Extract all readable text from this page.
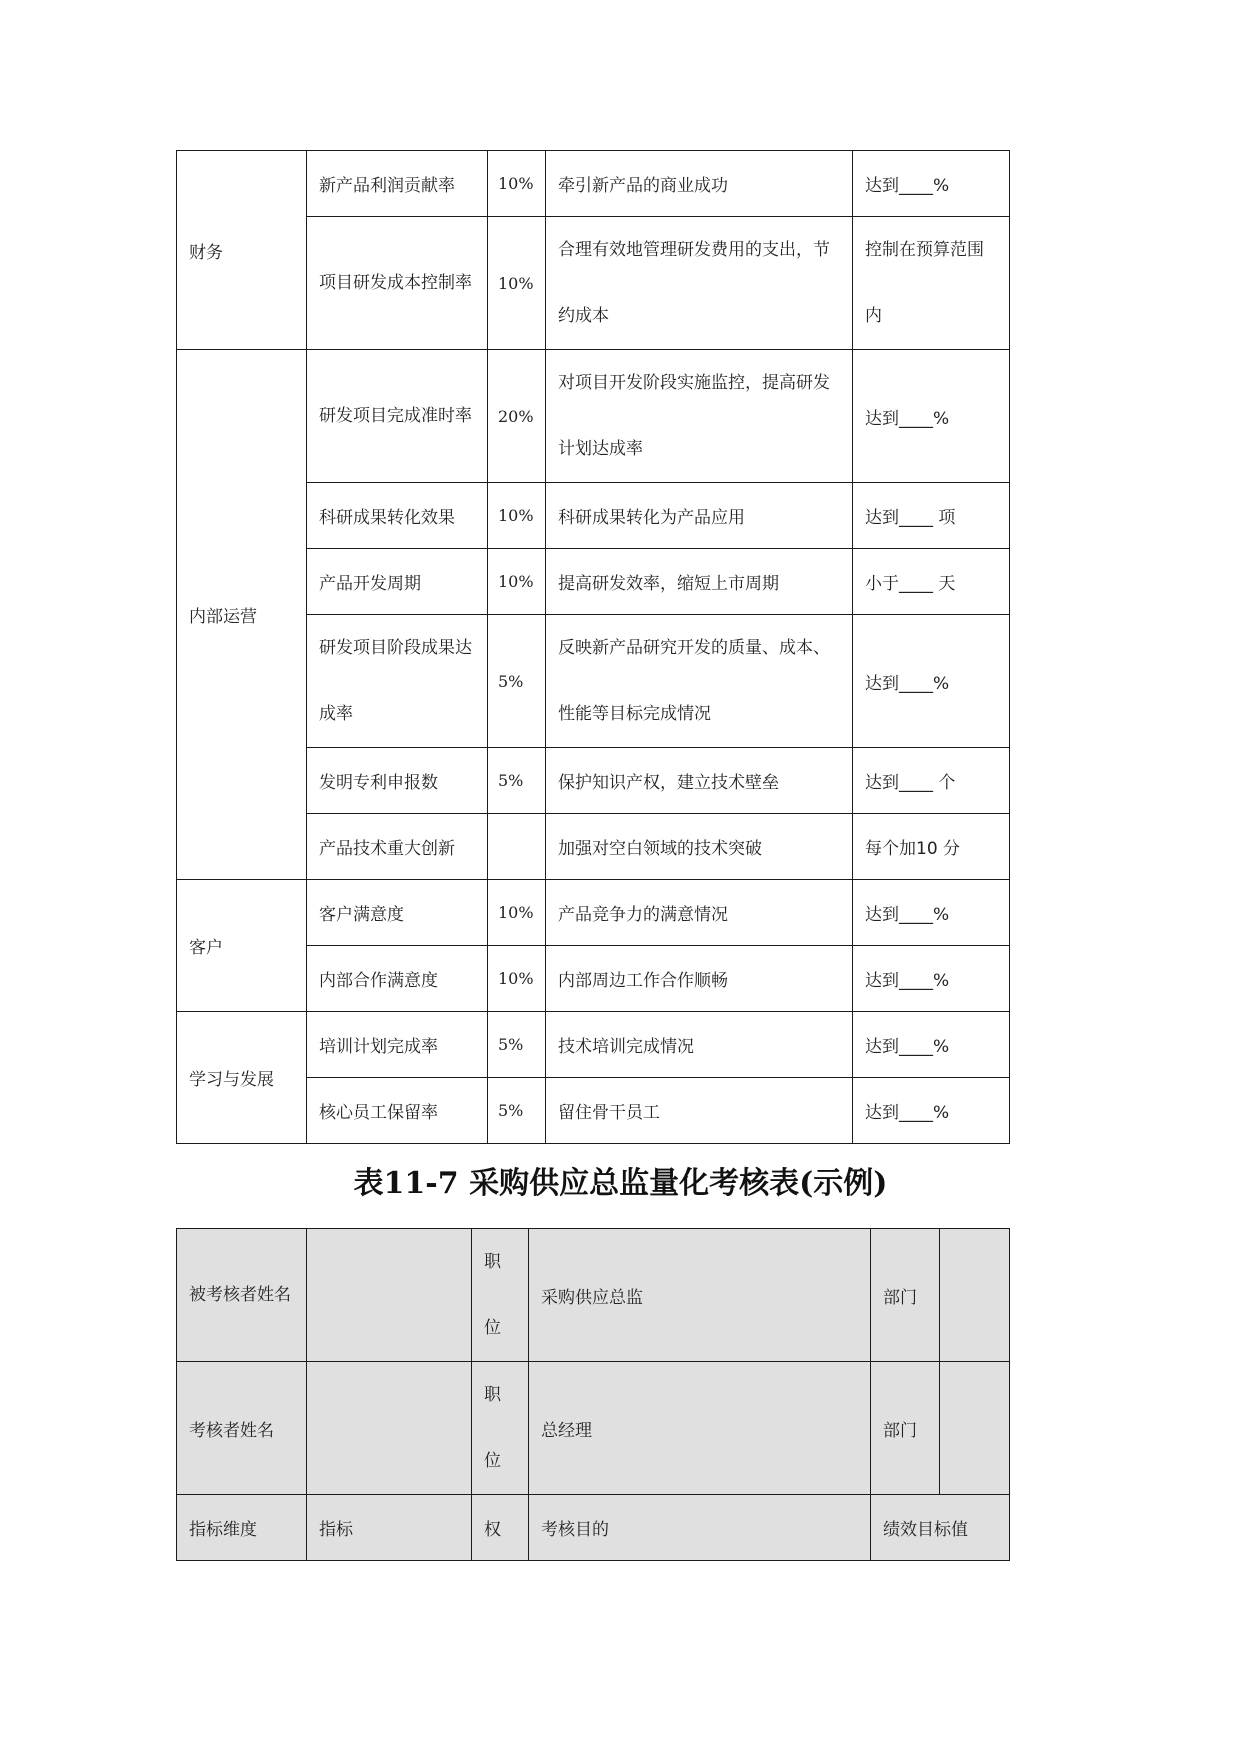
财务	新产品利润贡献率	10%	牵引新产品的商业成功	达到____%
	项目研发成本控制率	10%	合理有效地管理研发费用的支出，节约成本	控制在预算范围内
内部运营	研发项目完成准时率	20%	对项目开发阶段实施监控，提高研发计划达成率	达到____%
	科研成果转化效果	10%	科研成果转化为产品应用	达到____ 项
	产品开发周期	10%	提高研发效率，缩短上市周期	小于____ 天
	研发项目阶段成果达成率	5%	反映新产品研究开发的质量、成本、性能等目标完成情况	达到____%
	发明专利申报数	5%	保护知识产权，建立技术壁垒	达到____ 个
	产品技术重大创新		加强对空白领域的技术突破	每个加10 分
客户	客户满意度	10%	产品竞争力的满意情况	达到____%
	内部合作满意度	10%	内部周边工作合作顺畅	达到____%
学习与发展	培训计划完成率	5%	技术培训完成情况	达到____%
	核心员工保留率	5%	留住骨干员工	达到____%
表11-7 采购供应总监量化考核表(示例)
被考核者姓名		职位	采购供应总监	部门	
考核者姓名		职位	总经理	部门	
指标维度	指标	权	考核目的	绩效目标值	
